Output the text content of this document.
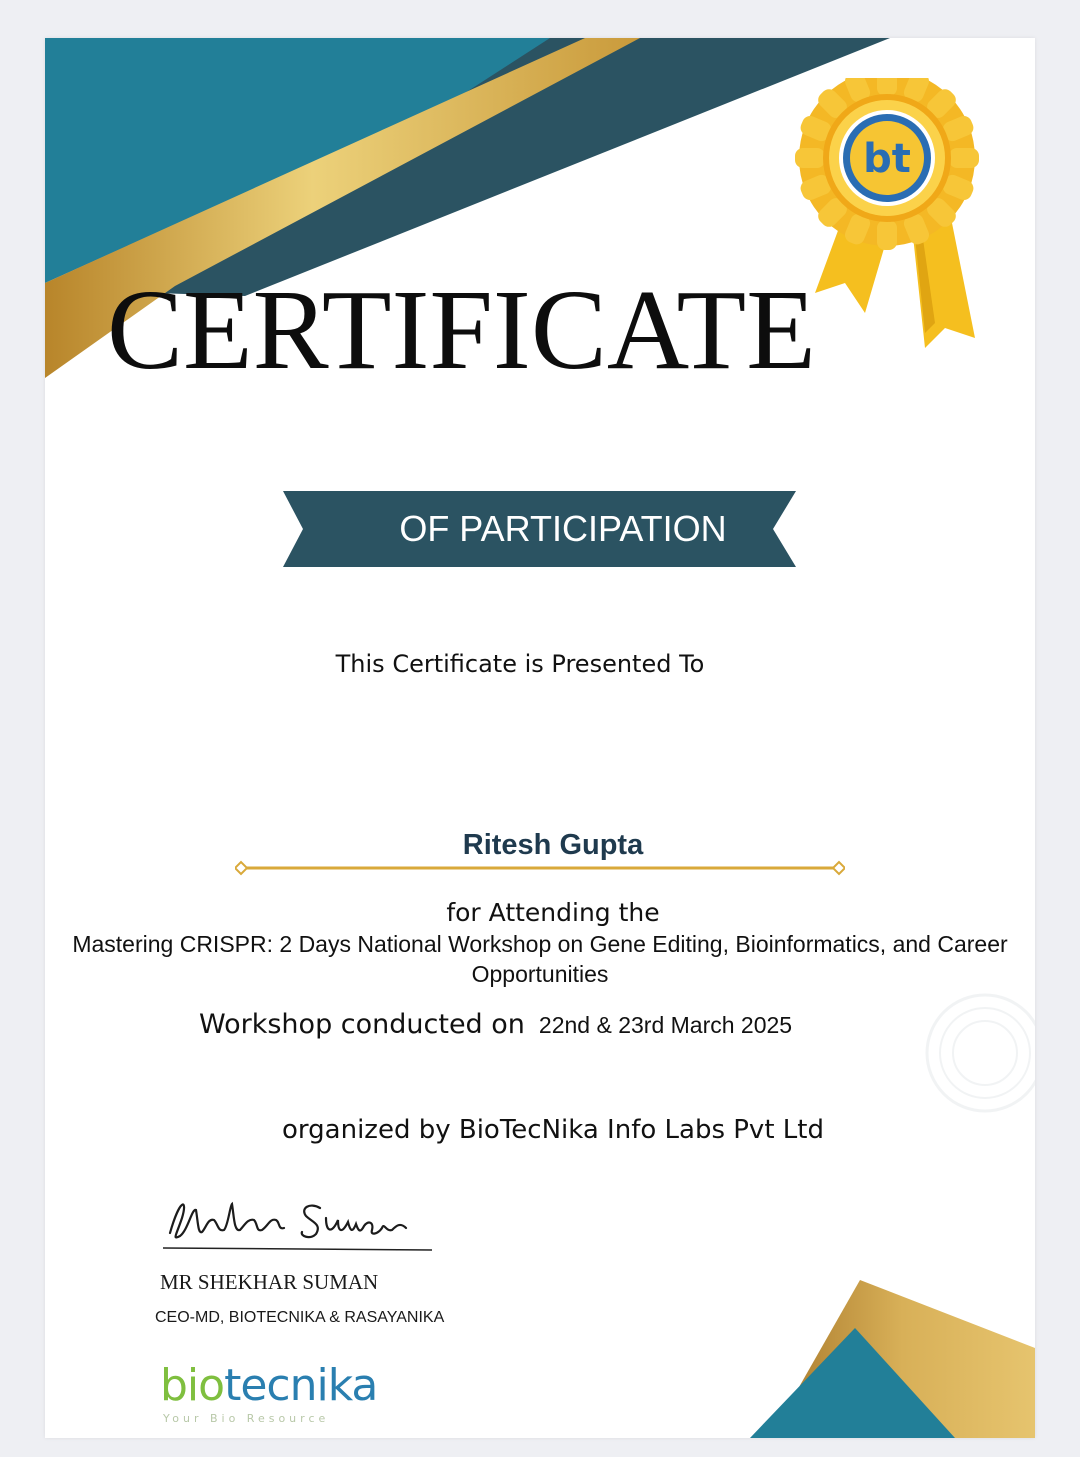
bt
CERTIFICATE
OF PARTICIPATION
This Certificate is Presented To
Ritesh Gupta
for Attending the
Mastering CRISPR: 2 Days National Workshop on Gene Editing, Bioinformatics, and Career Opportunities
Workshop conducted on 22nd & 23rd March 2025
organized by BioTecNika Info Labs Pvt Ltd
MR SHEKHAR SUMAN
CEO-MD, BIOTECNIKA & RASAYANIKA
biotecnika
Your Bio Resource
